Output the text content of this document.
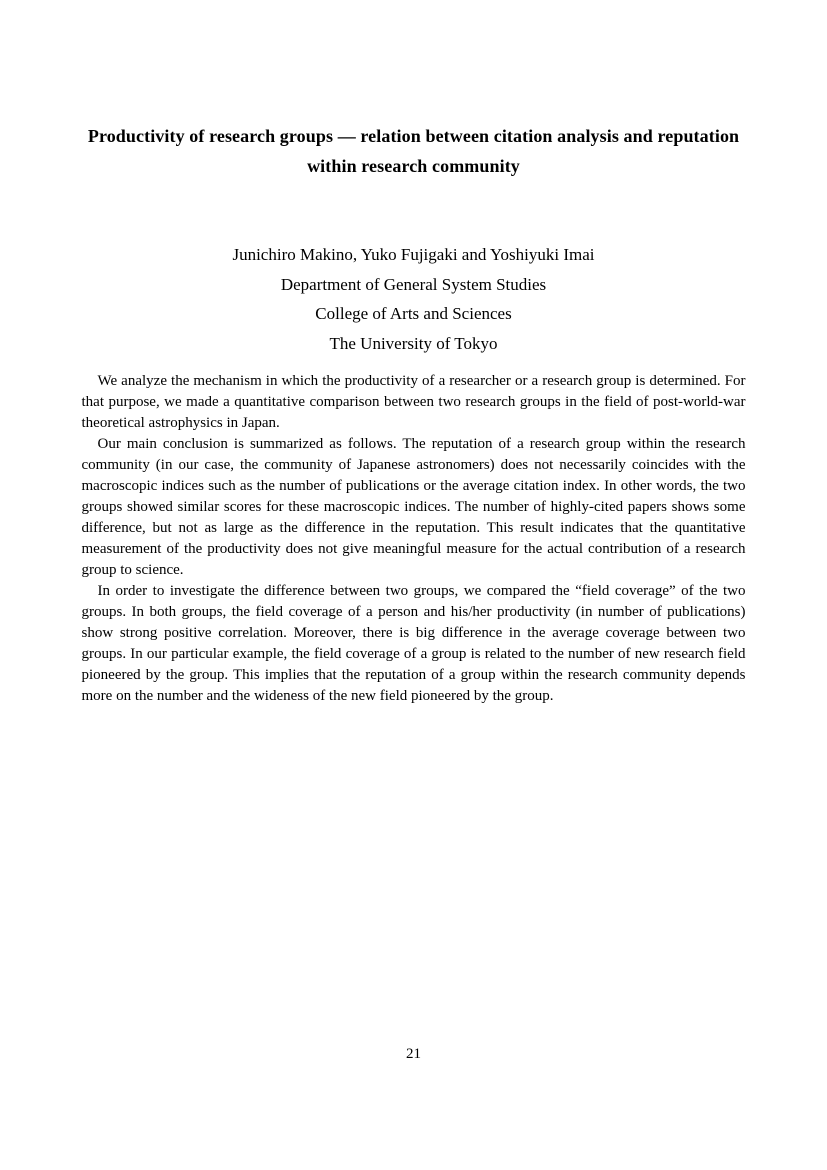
Productivity of research groups — relation between citation analysis and reputation within research community
Junichiro Makino, Yuko Fujigaki and Yoshiyuki Imai
Department of General System Studies
College of Arts and Sciences
The University of Tokyo

We analyze the mechanism in which the productivity of a researcher or a research group is determined. For that purpose, we made a quantitative comparison between two research groups in the field of post-world-war theoretical astrophysics in Japan.

Our main conclusion is summarized as follows. The reputation of a research group within the research community (in our case, the community of Japanese astronomers) does not necessarily coincides with the macroscopic indices such as the number of publications or the average citation index. In other words, the two groups showed similar scores for these macroscopic indices. The number of highly-cited papers shows some difference, but not as large as the difference in the reputation. This result indicates that the quantitative measurement of the productivity does not give meaningful measure for the actual contribution of a research group to science.

In order to investigate the difference between two groups, we compared the “field coverage” of the two groups. In both groups, the field coverage of a person and his/her productivity (in number of publications) show strong positive correlation. Moreover, there is big difference in the average coverage between two groups. In our particular example, the field coverage of a group is related to the number of new research field pioneered by the group. This implies that the reputation of a group within the research community depends more on the number and the wideness of the new field pioneered by the group.

21
